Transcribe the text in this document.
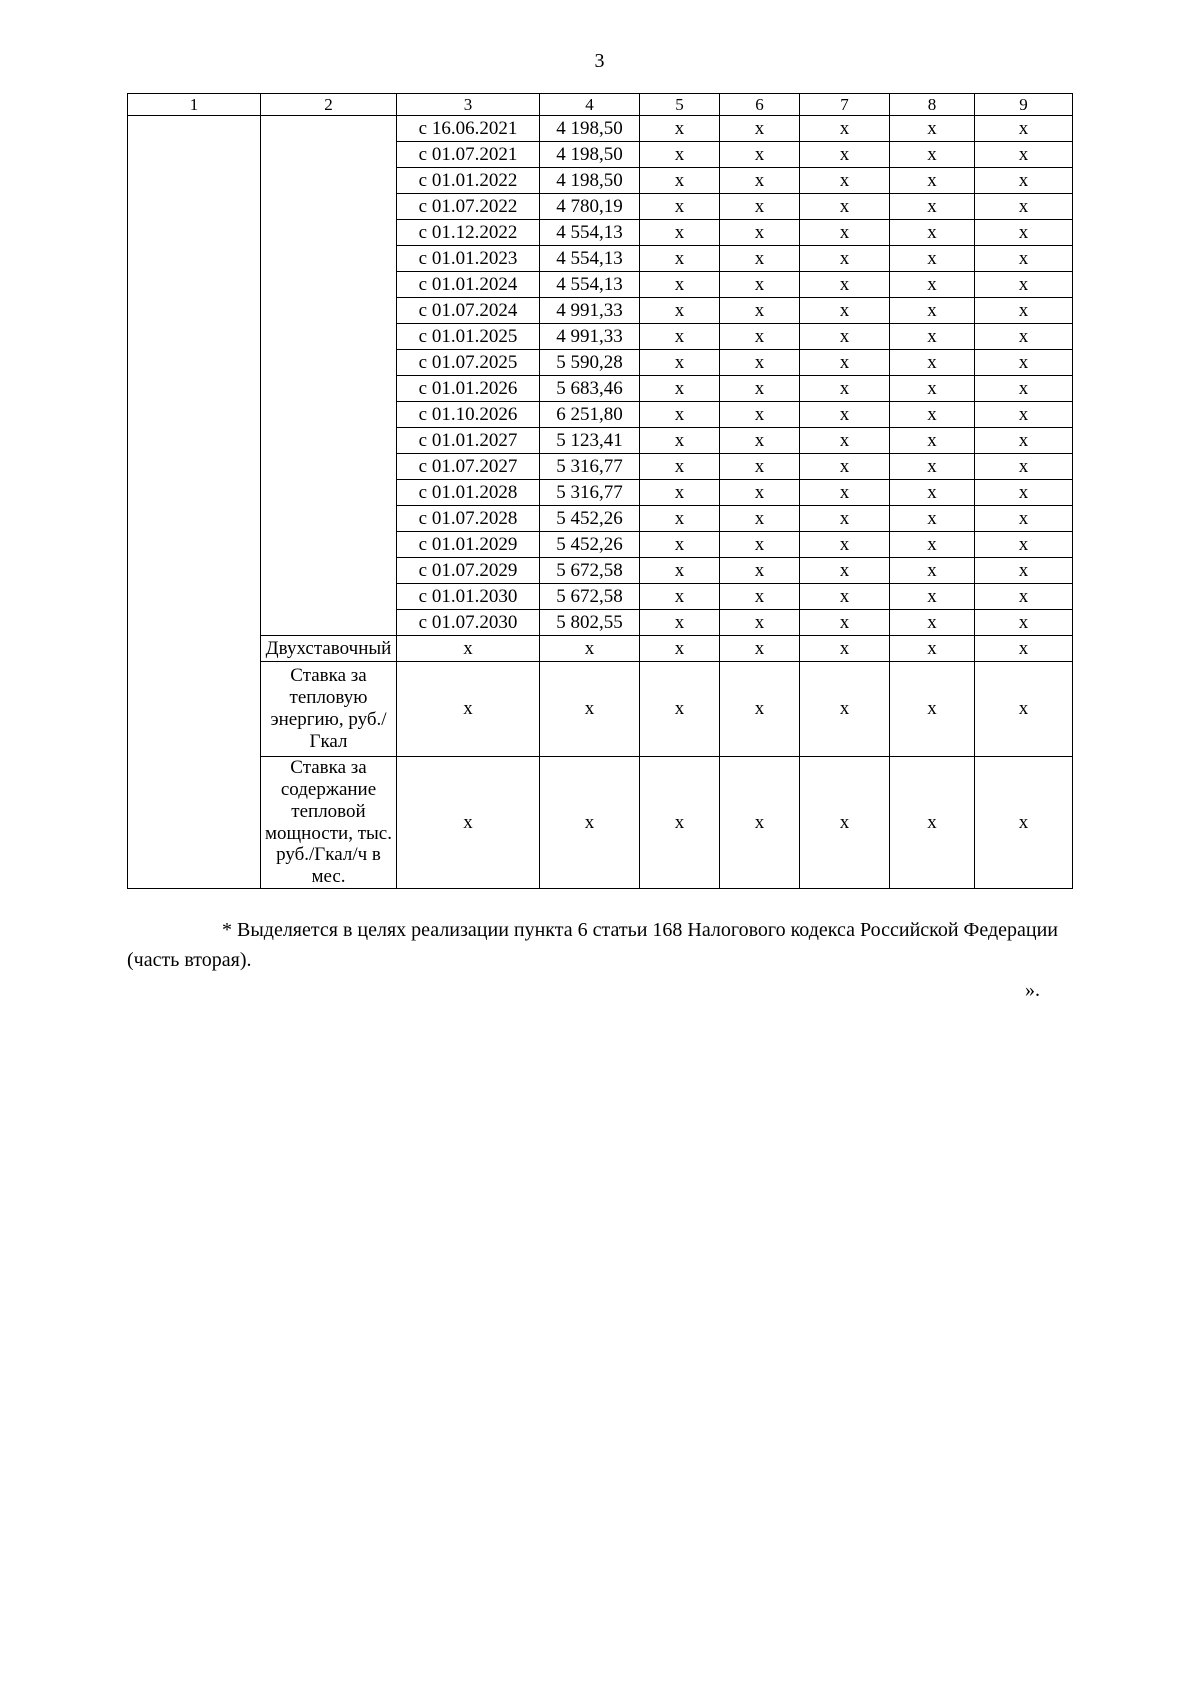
3
1	2	3	4	5	6	7	8	9
		с 16.06.2021	4 198,50	х	х	х	х	х
		с 01.07.2021	4 198,50	х	х	х	х	х
		с 01.01.2022	4 198,50	х	х	х	х	х
		с 01.07.2022	4 780,19	х	х	х	х	х
		с 01.12.2022	4 554,13	х	х	х	х	х
		с 01.01.2023	4 554,13	х	х	х	х	х
		с 01.01.2024	4 554,13	х	х	х	х	х
		с 01.07.2024	4 991,33	х	х	х	х	х
		с 01.01.2025	4 991,33	х	х	х	х	х
		с 01.07.2025	5 590,28	х	х	х	х	х
		с 01.01.2026	5 683,46	х	х	х	х	х
		с 01.10.2026	6 251,80	х	х	х	х	х
		с 01.01.2027	5 123,41	х	х	х	х	х
		с 01.07.2027	5 316,77	х	х	х	х	х
		с 01.01.2028	5 316,77	х	х	х	х	х
		с 01.07.2028	5 452,26	х	х	х	х	х
		с 01.01.2029	5 452,26	х	х	х	х	х
		с 01.07.2029	5 672,58	х	х	х	х	х
		с 01.01.2030	5 672,58	х	х	х	х	х
		с 01.07.2030	5 802,55	х	х	х	х	х
	Двухставочный	х	х	х	х	х	х	х
	Ставка за тепловую энергию, руб./Гкал	х	х	х	х	х	х	х
	Ставка за содержание тепловой мощности, тыс. руб./Гкал/ч в мес.	х	х	х	х	х	х	х

* Выделяется в целях реализации пункта 6 статьи 168 Налогового кодекса Российской Федерации (часть вторая).

».
